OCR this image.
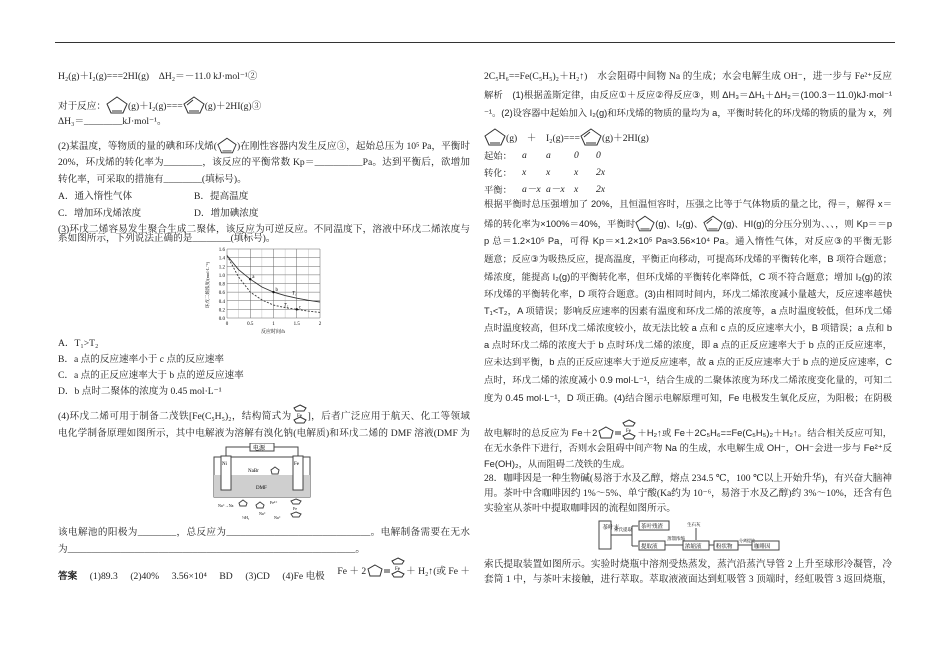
H₂(g)＋I₂(g)===2HI(g)　ΔH₂＝－11.0 kJ·mol⁻¹②
对于反应： (g)＋I₂(g)=== (g)＋2HI(g)③
ΔH₃＝________kJ·mol⁻¹。
(2)某温度，等物质的量的碘和环戊烯( )在刚性容器内发生反应③，起始总压为 10⁵ Pa，平衡时
20%，环戊烯的转化率为________，该反应的平衡常数 Kp＝__________Pa。达到平衡后，欲增加
转化率，可采取的措施有________(填标号)。
A．通入惰性气体	B．提高温度
C．增加环戊烯浓度	D．增加碘浓度
(3)环戊二烯容易发生聚合生成二聚体，该反应为可逆反应。不同温度下，溶液中环戊二烯浓度与
系如图所示，下列说法正确的是________(填标号)。
0.0
0.2
0.4
0.6
0.8
1.0
1.2
1.4
1.6
0	0.5	1	1.5	2
反应时间/h
环戊二烯浓度/(mol·L⁻¹)	T₁
T₂
a
b
c
A．T₁>T₂
B．a 点的反应速率小于 c 点的反应速率
C．a 点的正反应速率大于 b 点的逆反应速率
D．b 点时二聚体的浓度为 0.45 mol·L⁻¹
(4)环戊二烯可用于制备二茂铁[Fe(C₅H₅)₂，结构简式为 Fe ]，后者广泛应用于航天、化工等领域
电化学制备原理如图所示，其中电解液为溶解有溴化钠(电解质)和环戊二烯的 DMF 溶液(DMF 为
电源
Ni	Fe
NaBr
DMF
Na⁺→Na
½H₂
Na⁺
Fe²⁺
Na⁺
Fe
该电解池的阳极为________，总反应为______________________________。电解制备需要在无水
为____________________________________________________________。
答案 (1)89.3 (2)40% 3.56×10⁴ BD (3)CD (4)Fe 电极 Fe ＋ 2	Fe ＋ H₂↑(或 Fe ＋
2C₅H₆==Fe(C₅H₅)₂＋H₂↑)　水会阻碍中间物 Na 的生成；水会电解生成 OH⁻，进一步与 Fe²⁺反应
解析　(1)根据盖斯定律，由反应①＋反应②得反应③，则 ΔH₃＝ΔH₁＋ΔH₂＝(100.3－11.0)kJ·mol⁻¹
⁻¹。(2)设容器中起始加入 I₂(g)和环戊烯的物质的量均为 a，平衡时转化的环戊烯的物质的量为 x，列
(g)　＋　I₂(g)=== (g)＋2HI(g)
起始： a a 0 0
转化： x x x 2x
平衡： a－x a－x x 2x
根据平衡时总压强增加了 20%，且恒温恒容时，压强之比等于气体物质的量之比，得＝，解得 x＝
烯的转化率为×100%＝40%，平衡时 (g)、I₂(g)、 (g)、HI(g)的分压分别为、、、，则 Kp＝＝p
p 总＝1.2×10⁵ Pa，可得 Kp＝×1.2×10⁵ Pa≈3.56×10⁴ Pa。通入惰性气体，对反应③的平衡无影
题意；反应③为吸热反应，提高温度，平衡正向移动，可提高环戊烯的平衡转化率，B 项符合题意；
烯浓度，能提高 I₂(g)的平衡转化率，但环戊烯的平衡转化率降低，C 项不符合题意；增加 I₂(g)的浓
环戊烯的平衡转化率，D 项符合题意。(3)由相同时间内，环戊二烯浓度减小量越大，反应速率越快
T₁<T₂，A 项错误；影响反应速率的因素有温度和环戊二烯的浓度等，a 点时温度较低，但环戊二烯
点时温度较高，但环戊二烯浓度较小，故无法比较 a 点和 c 点的反应速率大小，B 项错误；a 点和 b
a 点时环戊二烯的浓度大于 b 点时环戊二烯的浓度，即 a 点的正反应速率大于 b 点的正反应速率，
应未达到平衡，b 点的正反应速率大于逆反应速率，故 a 点的正反应速率大于 b 点的逆反应速率，C
点时，环戊二烯的浓度减小 0.9 mol·L⁻¹，结合生成的二聚体浓度为环戊二烯浓度变化量的，可知二
度为 0.45 mol·L⁻¹，D 项正确。(4)结合图示电解原理可知，Fe 电极发生氧化反应，为阳极；在阴极
故电解时的总反应为 Fe＋2	Fe ＋H₂↑或 Fe＋2C₅H₆==Fe(C₅H₅)₂＋H₂↑。结合相关反应可知，
在无水条件下进行，否则水会阻碍中间产物 Na 的生成，水电解生成 OH⁻，OH⁻会进一步与 Fe²⁺反
Fe(OH)₂，从而阻碍二茂铁的生成。
28．咖啡因是一种生物碱(易溶于水及乙醇，熔点 234.5 ℃，100 ℃以上开始升华)，有兴奋大脑神
用。茶叶中含咖啡因约 1%～5%、单宁酸(Ka约为 10⁻⁶，易溶于水及乙醇)约 3%～10%，还含有色
实验室从茶叶中提取咖啡因的流程如图所示。
茶叶末
索氏提取 茶叶残渣
提取液
蒸馏浓缩
生石灰
浓缩液	粉状物
分离提纯
咖啡因
索氏提取装置如图所示。实验时烧瓶中溶剂受热蒸发，蒸汽沿蒸汽导管 2 上升至球形冷凝管，冷
套筒 1 中，与茶叶末接触，进行萃取。萃取液液面达到虹吸管 3 顶端时，经虹吸管 3 返回烧瓶，
